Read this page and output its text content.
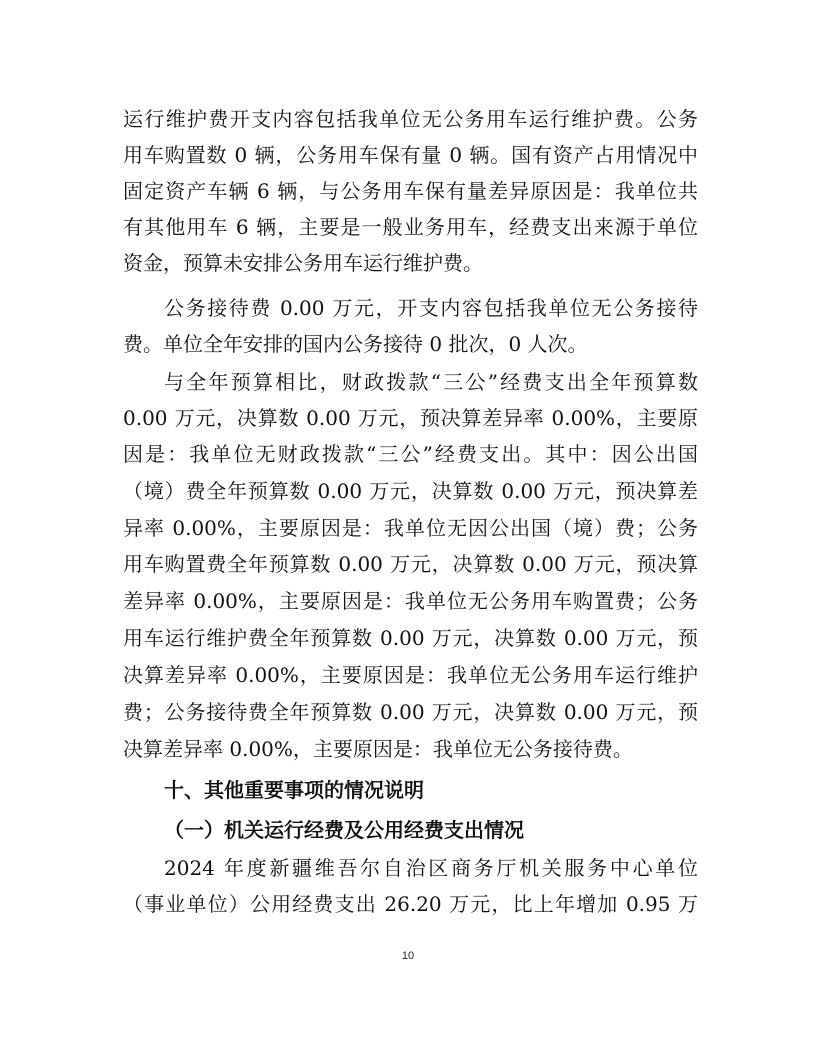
运行维护费开支内容包括我单位无公务用车运行维护费。公务
用车购置数 0 辆，公务用车保有量 0 辆。国有资产占用情况中
固定资产车辆 6 辆，与公务用车保有量差异原因是：我单位共
有其他用车 6 辆，主要是一般业务用车，经费支出来源于单位
资金，预算未安排公务用车运行维护费。
公务接待费 0.00 万元，开支内容包括我单位无公务接待
费。单位全年安排的国内公务接待 0 批次，0 人次。
与全年预算相比，财政拨款“三公”经费支出全年预算数
0.00 万元，决算数 0.00 万元，预决算差异率 0.00%，主要原
因是：我单位无财政拨款“三公”经费支出。其中：因公出国
（境）费全年预算数 0.00 万元，决算数 0.00 万元，预决算差
异率 0.00%，主要原因是：我单位无因公出国（境）费；公务
用车购置费全年预算数 0.00 万元，决算数 0.00 万元，预决算
差异率 0.00%，主要原因是：我单位无公务用车购置费；公务
用车运行维护费全年预算数 0.00 万元，决算数 0.00 万元，预
决算差异率 0.00%，主要原因是：我单位无公务用车运行维护
费；公务接待费全年预算数 0.00 万元，决算数 0.00 万元，预
决算差异率 0.00%，主要原因是：我单位无公务接待费。
十、其他重要事项的情况说明
（一）机关运行经费及公用经费支出情况
2024 年度新疆维吾尔自治区商务厅机关服务中心单位
（事业单位）公用经费支出 26.20 万元，比上年增加 0.95 万
10
